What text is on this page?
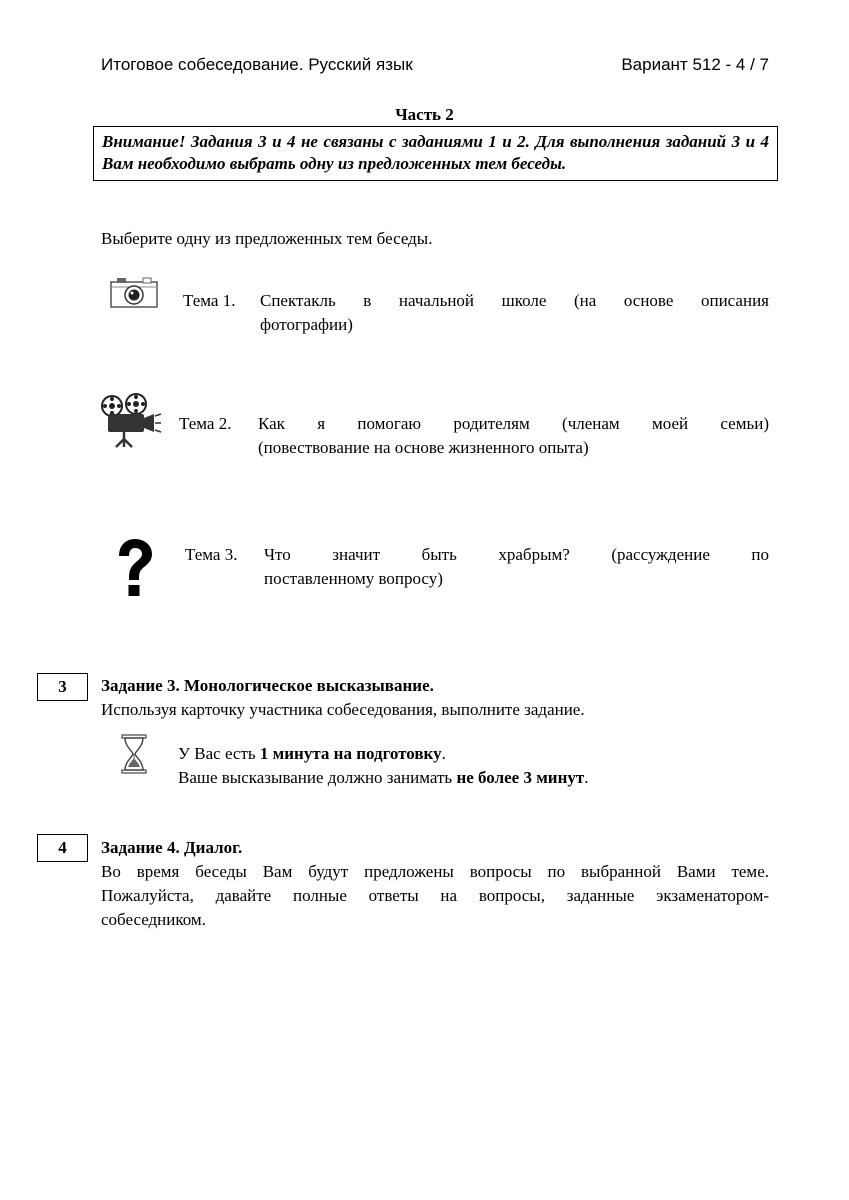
Итоговое собеседование. Русский язык	Вариант 512 - 4 / 7
Часть 2
Внимание! Задания 3 и 4 не связаны с заданиями 1 и 2. Для выполнения заданий 3 и 4 Вам необходимо выбрать одну из предложенных тем беседы.
Выберите одну из предложенных тем беседы.
Тема 1. Спектакль в начальной школе (на основе описания
фотографии)
Тема 2. Как я помогаю родителям (членам моей семьи)
(повествование на основе жизненного опыта)
Тема 3. Что значит быть храбрым? (рассуждение по
поставленному вопросу)
3	Задание 3. Монологическое высказывание.
Используя карточку участника собеседования, выполните задание.
У Вас есть 1 минута на подготовку.
Ваше высказывание должно занимать не более 3 минут.
4	Задание 4. Диалог.
Во время беседы Вам будут предложены вопросы по выбранной Вами теме.
Пожалуйста, давайте полные ответы на вопросы, заданные экзаменатором-
собеседником.
